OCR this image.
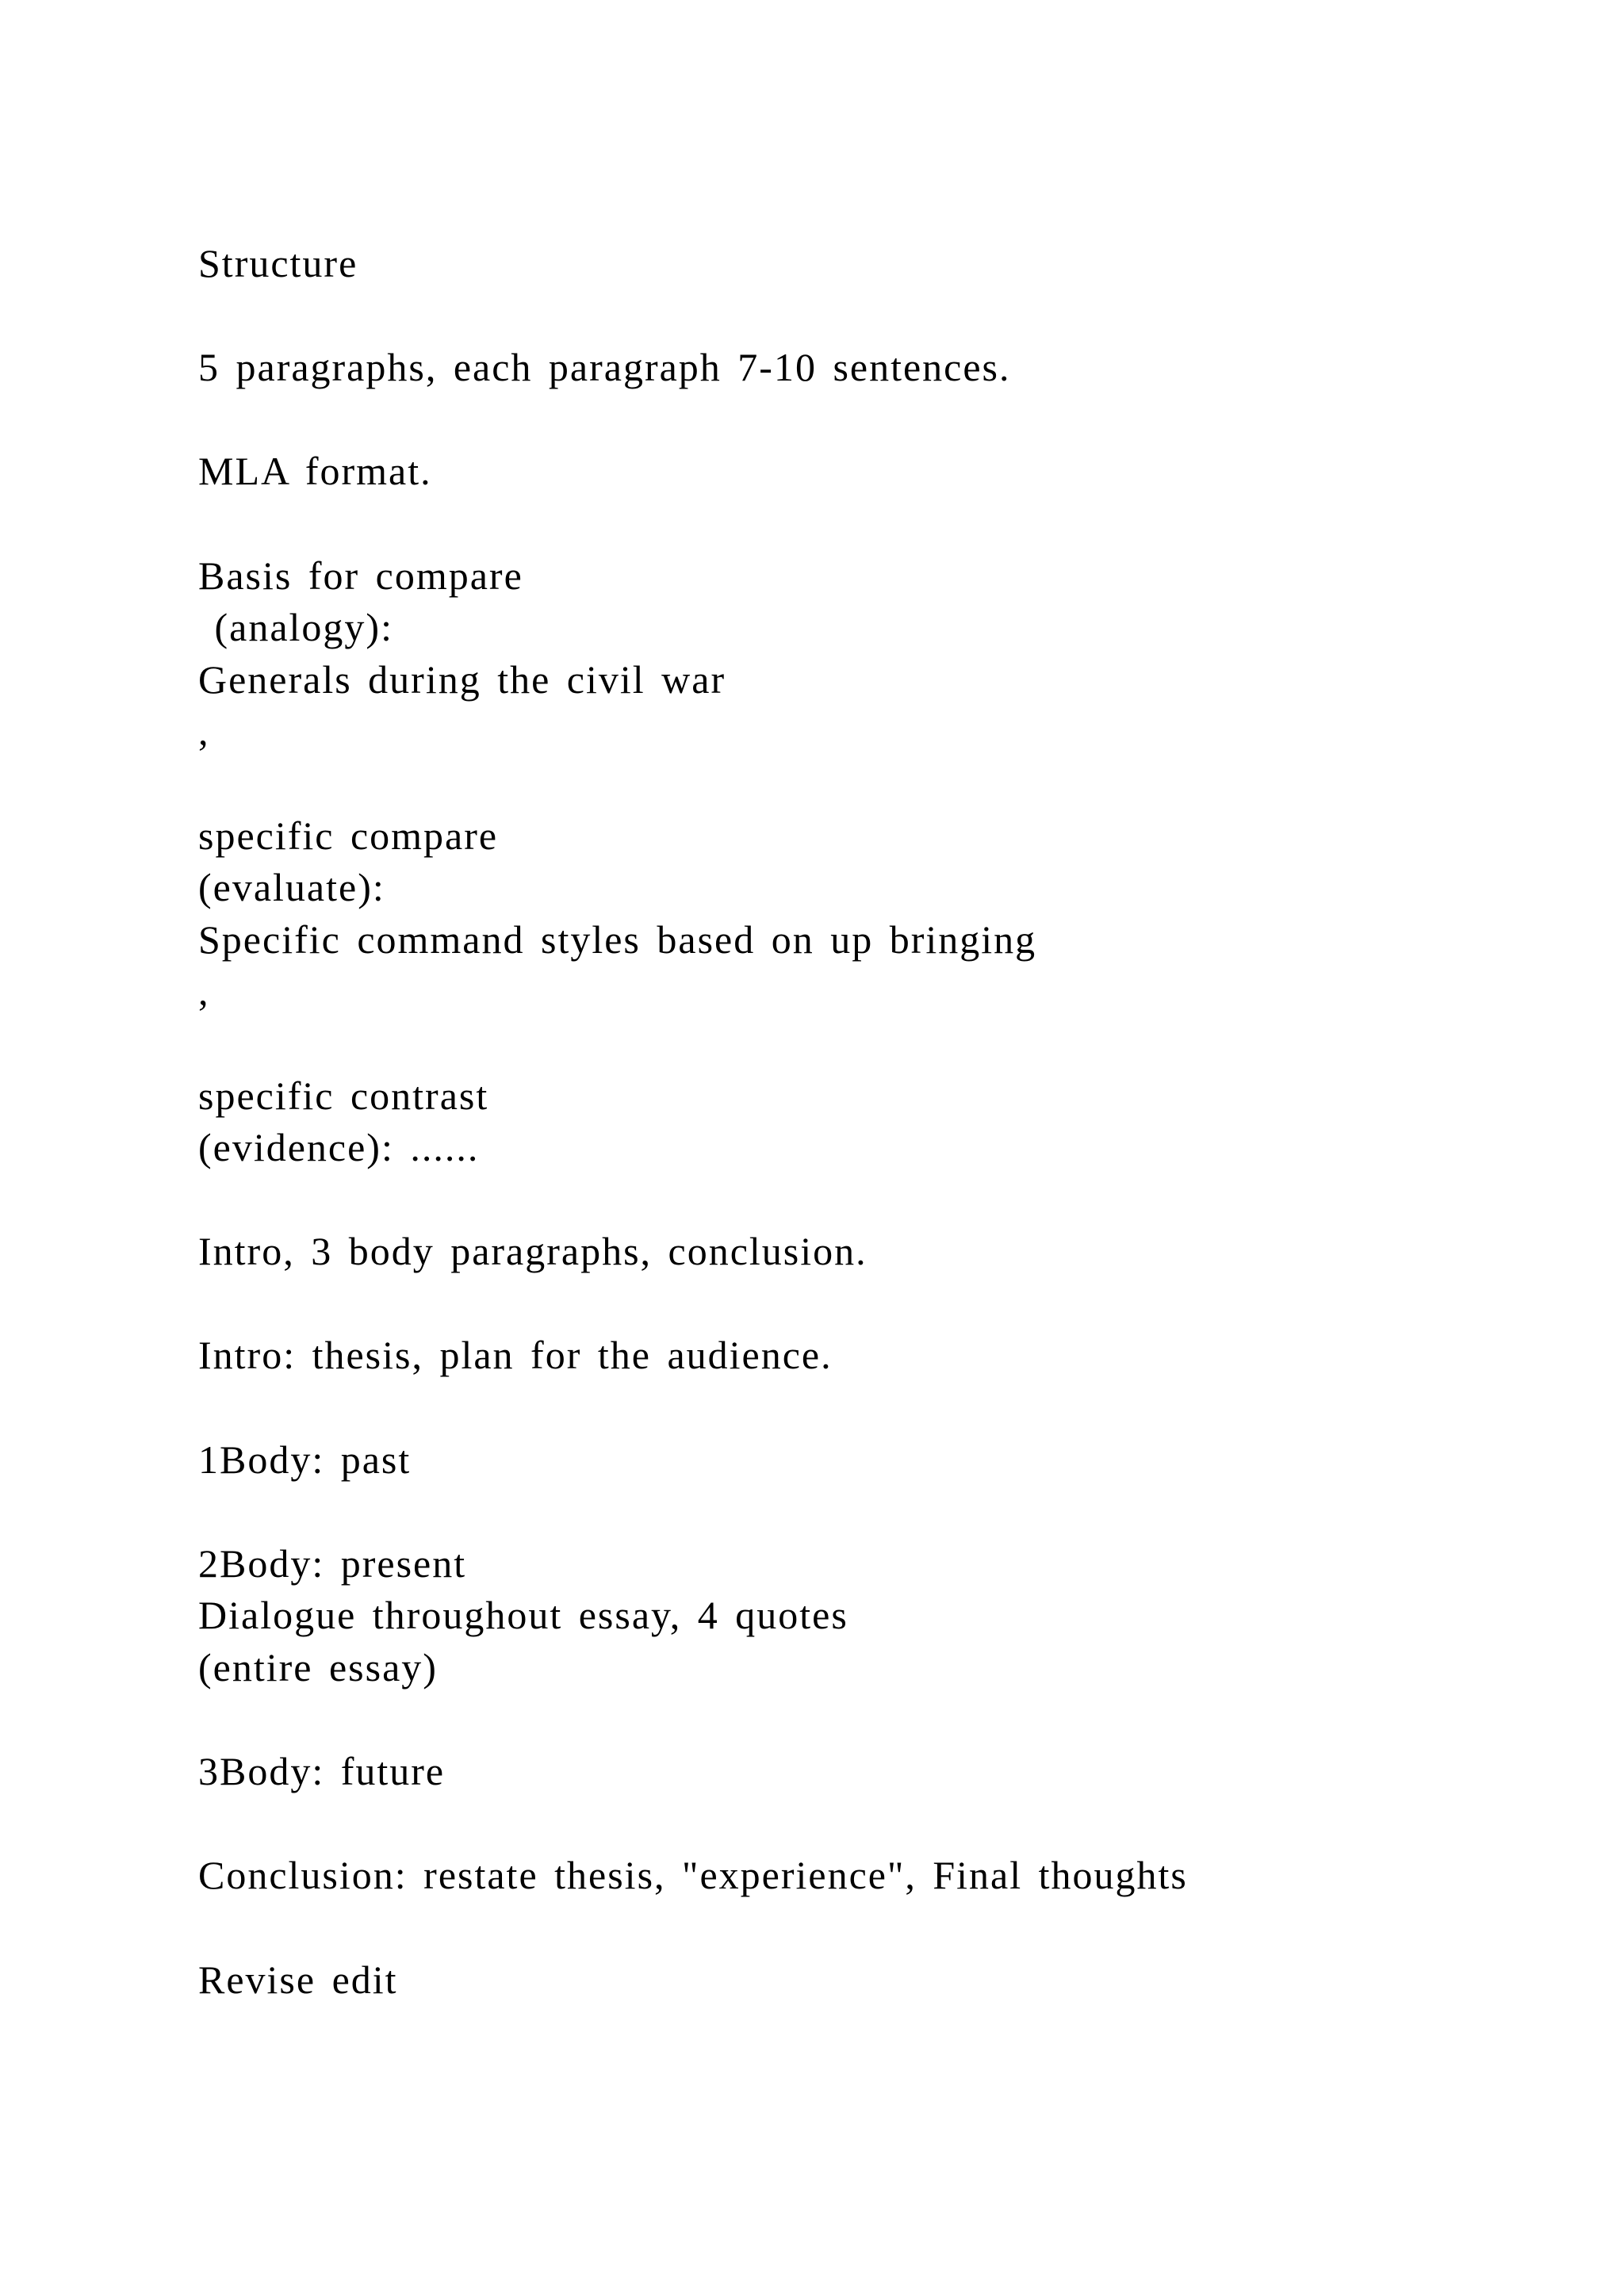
Structure
5 paragraphs, each paragraph 7-10 sentences.
MLA format.
Basis for compare
(analogy):
Generals during the civil war
,
specific compare
(evaluate):
Specific command styles based on up bringing
,
specific contrast
(evidence): ......
Intro, 3 body paragraphs, conclusion.
Intro: thesis, plan for the audience.
1Body: past
2Body: present
Dialogue throughout essay, 4 quotes
(entire essay)
3Body: future
Conclusion: restate thesis, "experience", Final thoughts
Revise edit
